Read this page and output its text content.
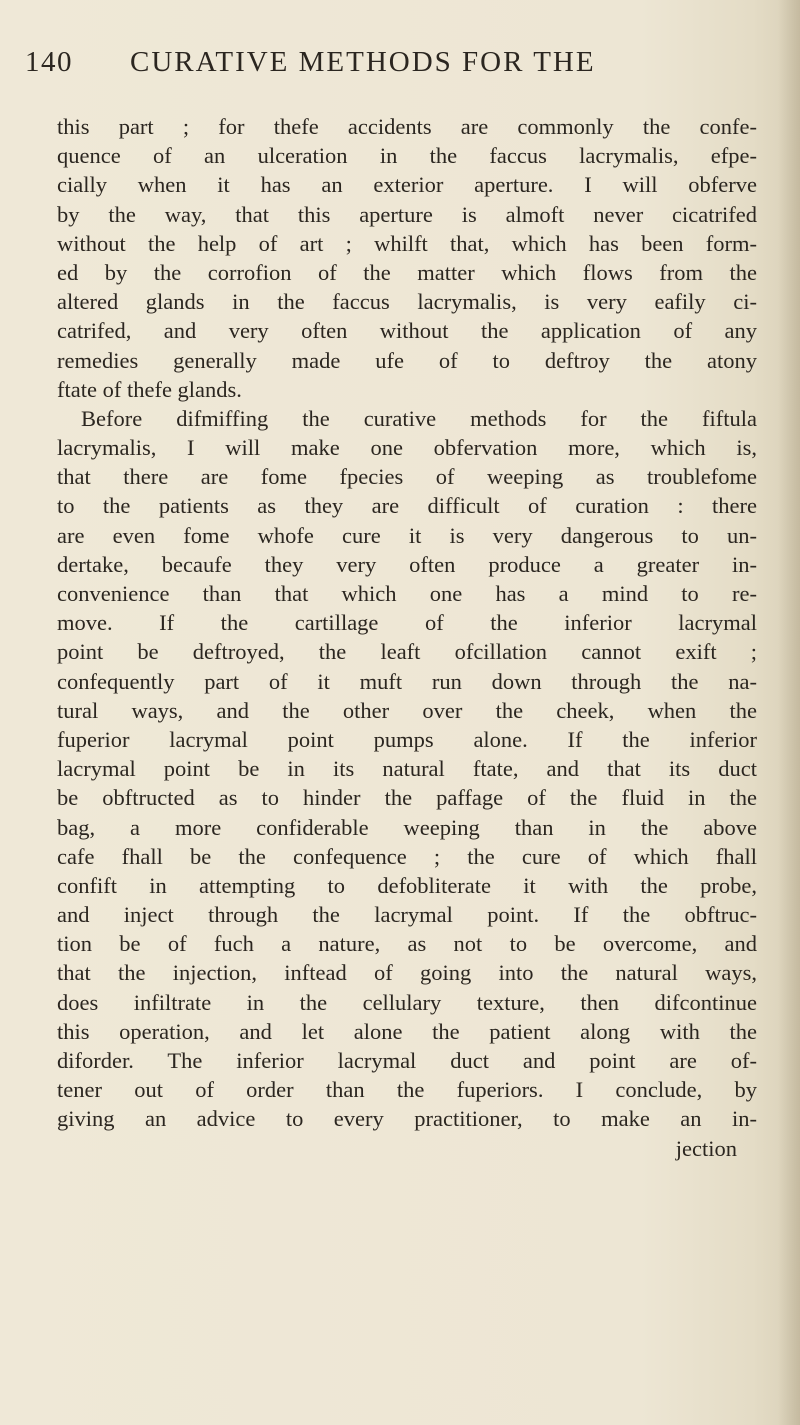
140 CURATIVE METHODS FOR THE
this part ; for thefe accidents are commonly the confe-
quence of an ulceration in the faccus lacrymalis, efpe-
cially when it has an exterior aperture. I will obferve
by the way, that this aperture is almoft never cicatrifed
without the help of art ; whilft that, which has been form-
ed by the corrofion of the matter which flows from the
altered glands in the faccus lacrymalis, is very eafily ci-
catrifed, and very often without the application of any
remedies generally made ufe of to deftroy the atony
ftate of thefe glands.
Before difmiffing the curative methods for the fiftula
lacrymalis, I will make one obfervation more, which is,
that there are fome fpecies of weeping as troublefome
to the patients as they are difficult of curation : there
are even fome whofe cure it is very dangerous to un-
dertake, becaufe they very often produce a greater in-
convenience than that which one has a mind to re-
move. If the cartillage of the inferior lacrymal
point be deftroyed, the leaft ofcillation cannot exift ;
confequently part of it muft run down through the na-
tural ways, and the other over the cheek, when the
fuperior lacrymal point pumps alone. If the inferior
lacrymal point be in its natural ftate, and that its duct
be obftructed as to hinder the paffage of the fluid in the
bag, a more confiderable weeping than in the above
cafe fhall be the confequence ; the cure of which fhall
confift in attempting to defobliterate it with the probe,
and inject through the lacrymal point. If the obftruc-
tion be of fuch a nature, as not to be overcome, and
that the injection, inftead of going into the natural ways,
does infiltrate in the cellulary texture, then difcontinue
this operation, and let alone the patient along with the
diforder. The inferior lacrymal duct and point are of-
tener out of order than the fuperiors. I conclude, by
giving an advice to every practitioner, to make an in-
jection
